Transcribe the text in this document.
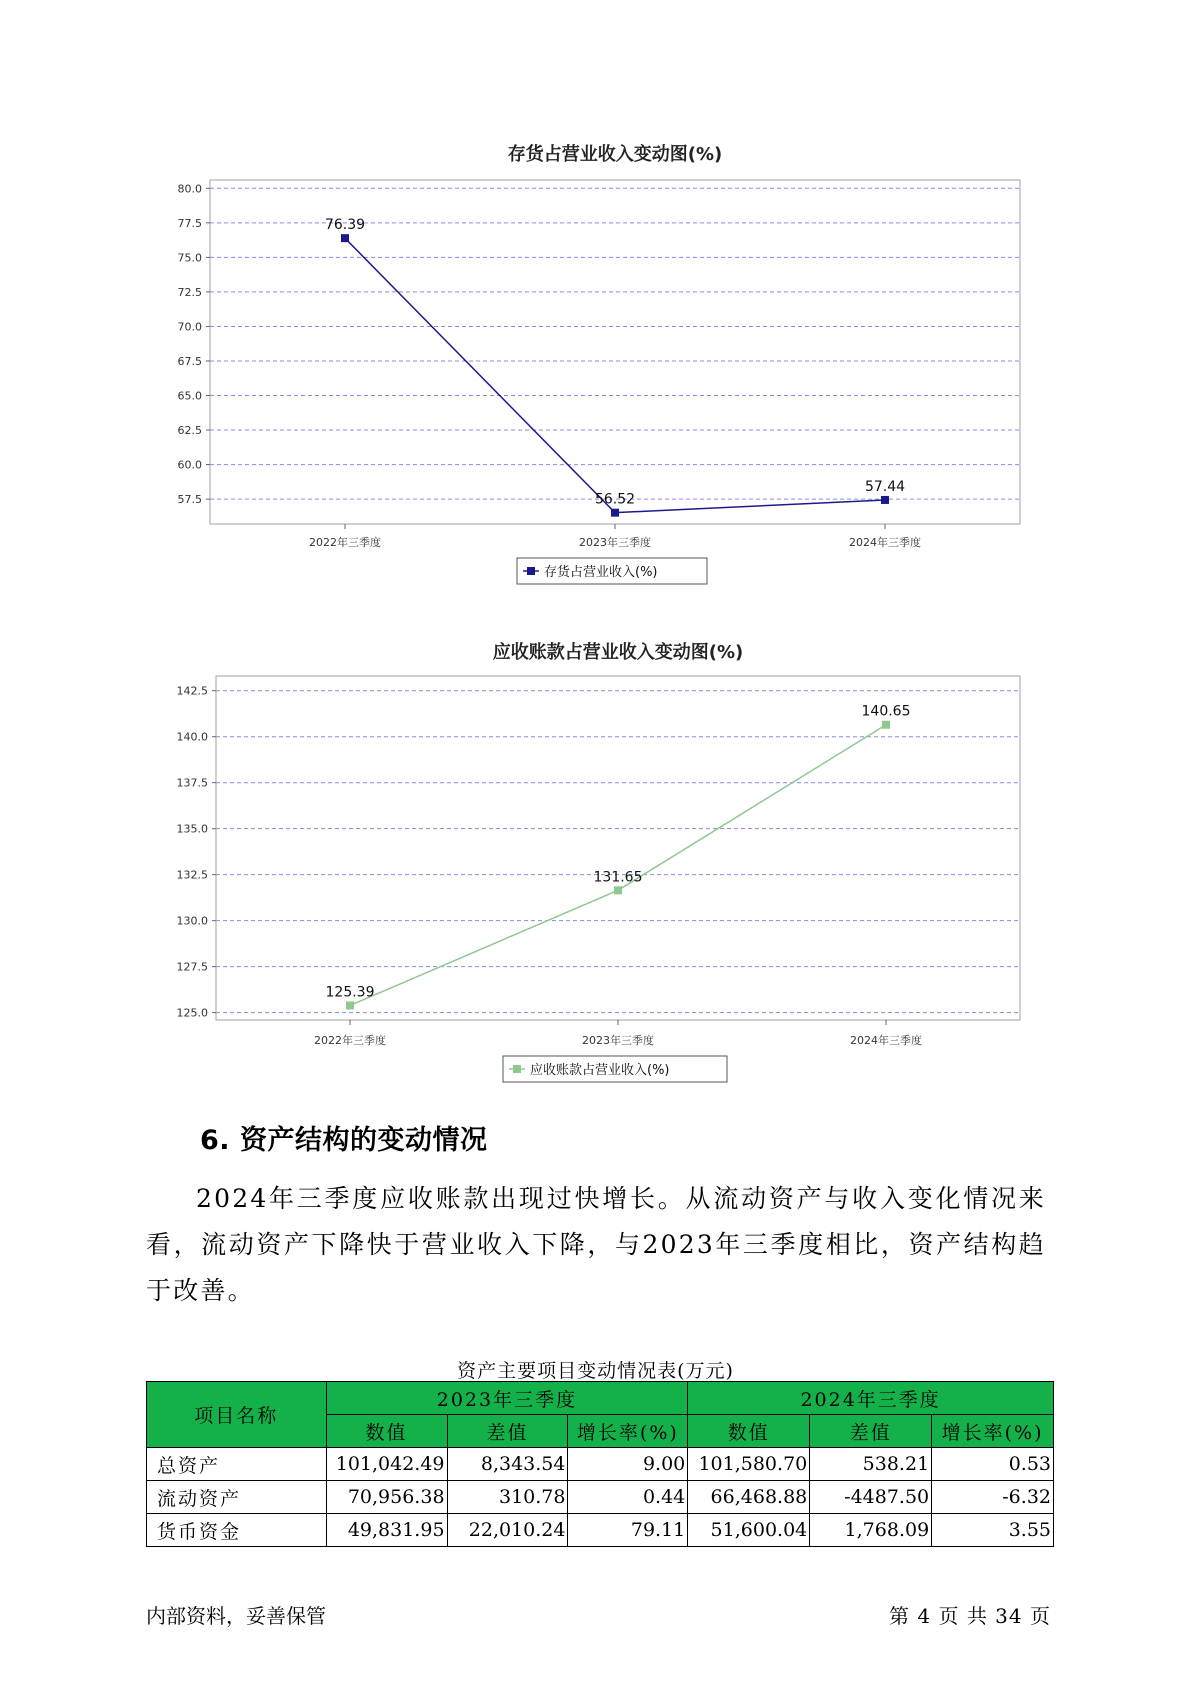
存货占营业收入变动图(%)
80.0
77.5
75.0
72.5
70.0
67.5
65.0
62.5
60.0
57.5
2022年三季度	2023年三季度	2024年三季度
76.39
56.52
57.44
存货占营业收入(%)
应收账款占营业收入变动图(%)
142.5
140.0
137.5
135.0
132.5
130.0
127.5
125.0
2022年三季度	2023年三季度	2024年三季度
125.39
131.65
140.65
应收账款占营业收入(%)
6. 资产结构的变动情况
2024年三季度应收账款出现过快增长。从流动资产与收入变化情况来看，流动资产下降快于营业收入下降，与2023年三季度相比，资产结构趋于改善。
资产主要项目变动情况表(万元)
项目名称	2023年三季度			2024年三季度		
	数值	差值	增长率(%)	数值	差值	增长率(%)
总资产	101,042.49	8,343.54	9.00	101,580.70	538.21	0.53
流动资产	70,956.38	310.78	0.44	66,468.88	-4487.50	-6.32
货币资金	49,831.95	22,010.24	79.11	51,600.04	1,768.09	3.55
内部资料，妥善保管	第 4 页 共 34 页
